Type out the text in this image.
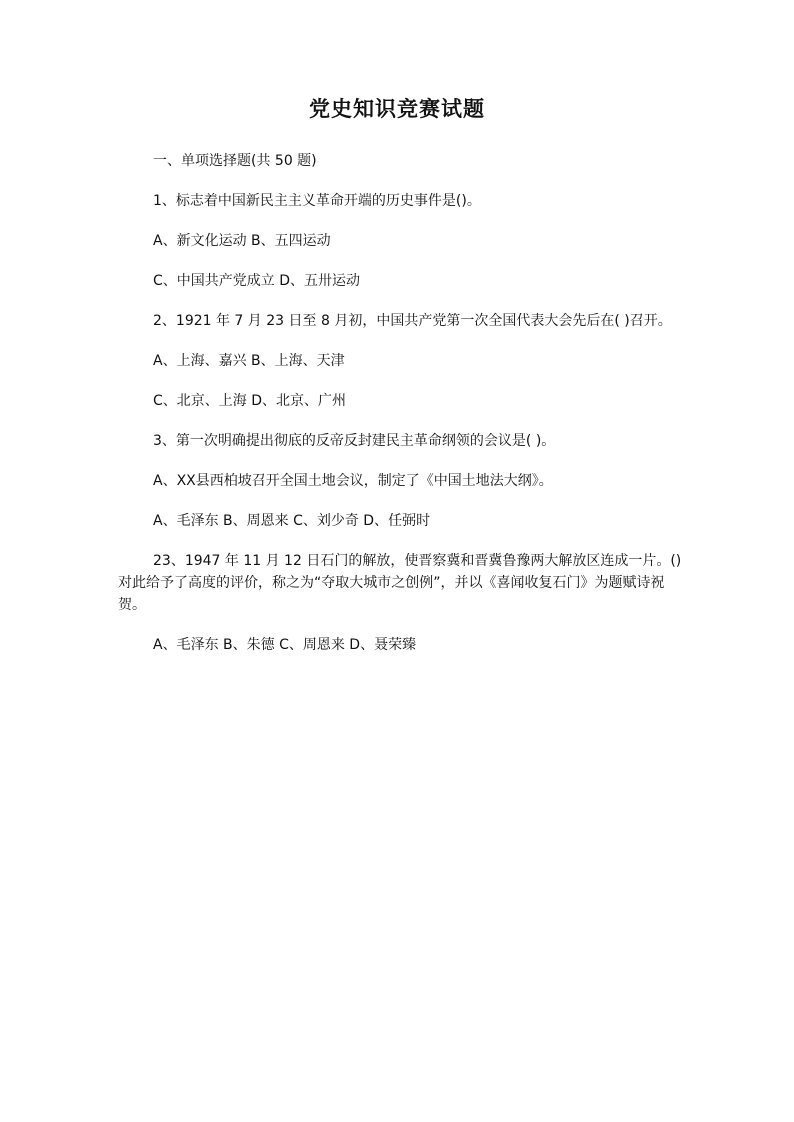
党史知识竞赛试题

一、单项选择题(共 50 题)

1、标志着中国新民主主义革命开端的历史事件是()。

A、新文化运动 B、五四运动

C、中国共产党成立 D、五卅运动

2、1921 年 7 月 23 日至 8 月初，中国共产党第一次全国代表大会先后在( )召开。

A、上海、嘉兴 B、上海、天津

C、北京、上海 D、北京、广州

3、第一次明确提出彻底的反帝反封建民主革命纲领的会议是( )。

A、XX县西柏坡召开全国土地会议，制定了《中国土地法大纲》。

A、毛泽东 B、周恩来 C、刘少奇 D、任弼时

23、1947 年 11 月 12 日石门的解放，使晋察冀和晋冀鲁豫两大解放区连成一片。()对此给予了高度的评价，称之为“夺取大城市之创例”，并以《喜闻收复石门》为题赋诗祝贺。

A、毛泽东 B、朱德 C、周恩来 D、聂荣臻
